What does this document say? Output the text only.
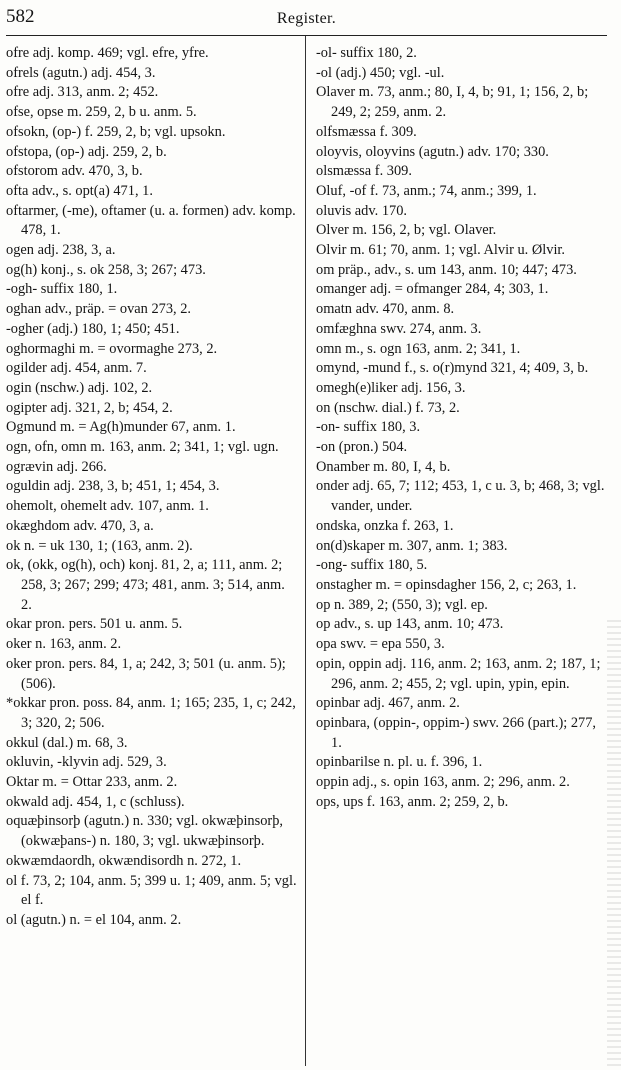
582	Register.
ofre adj. komp. 469; vgl. efre, yfre.
ofrels (agutn.) adj. 454, 3.
ofre adj. 313, anm. 2; 452.
ofse, opse m. 259, 2, b u. anm. 5.
ofsokn, (op-) f. 259, 2, b; vgl. upsokn.
ofstopa, (op-) adj. 259, 2, b.
ofstorom adv. 470, 3, b.
ofta adv., s. opt(a) 471, 1.
oftarmer, (-me), oftamer (u. a. formen) adv. komp. 478, 1.
ogen adj. 238, 3, a.
og(h) konj., s. ok 258, 3; 267; 473.
-ogh- suffix 180, 1.
oghan adv., präp. = ovan 273, 2.
-ogher (adj.) 180, 1; 450; 451.
oghormaghi m. = ovormaghe 273, 2.
ogilder adj. 454, anm. 7.
ogin (nschw.) adj. 102, 2.
ogipter adj. 321, 2, b; 454, 2.
Ogmund m. = Ag(h)munder 67, anm. 1.
ogn, ofn, omn m. 163, anm. 2; 341, 1; vgl. ugn.
ogrævin adj. 266.
oguldin adj. 238, 3, b; 451, 1; 454, 3.
ohemolt, ohemelt adv. 107, anm. 1.
okæghdom adv. 470, 3, a.
ok n. = uk 130, 1; (163, anm. 2).
ok, (okk, og(h), och) konj. 81, 2, a; 111, anm. 2; 258, 3; 267; 299; 473; 481, anm. 3; 514, anm. 2.
okar pron. pers. 501 u. anm. 5.
oker n. 163, anm. 2.
oker pron. pers. 84, 1, a; 242, 3; 501 (u. anm. 5); (506).
*okkar pron. poss. 84, anm. 1; 165; 235, 1, c; 242, 3; 320, 2; 506.
okkul (dal.) m. 68, 3.
okluvin, -klyvin adj. 529, 3.
Oktar m. = Ottar 233, anm. 2.
okwald adj. 454, 1, c (schluss).
oquæþinsorþ (agutn.) n. 330; vgl. okwæþinsorþ, (okwæþans-) n. 180, 3; vgl. ukwæþinsorþ.
okwæmdaordh, okwændisordh n. 272, 1.
ol f. 73, 2; 104, anm. 5; 399 u. 1; 409, anm. 5; vgl. el f.
ol (agutn.) n. = el 104, anm. 2.
-ol- suffix 180, 2.
-ol (adj.) 450; vgl. -ul.
Olaver m. 73, anm.; 80, I, 4, b; 91, 1; 156, 2, b; 249, 2; 259, anm. 2.
olfsmæssa f. 309.
oloyvis, oloyvins (agutn.) adv. 170; 330.
olsmæssa f. 309.
Oluf, -of f. 73, anm.; 74, anm.; 399, 1.
oluvis adv. 170.
Olver m. 156, 2, b; vgl. Olaver.
Olvir m. 61; 70, anm. 1; vgl. Alvir u. Ølvir.
om präp., adv., s. um 143, anm. 10; 447; 473.
omanger adj. = ofmanger 284, 4; 303, 1.
omatn adv. 470, anm. 8.
omfæghna swv. 274, anm. 3.
omn m., s. ogn 163, anm. 2; 341, 1.
omynd, -mund f., s. o(r)mynd 321, 4; 409, 3, b.
omegh(e)liker adj. 156, 3.
on (nschw. dial.) f. 73, 2.
-on- suffix 180, 3.
-on (pron.) 504.
Onamber m. 80, I, 4, b.
onder adj. 65, 7; 112; 453, 1, c u. 3, b; 468, 3; vgl. vander, under.
ondska, onzka f. 263, 1.
on(d)skaper m. 307, anm. 1; 383.
-ong- suffix 180, 5.
onstagher m. = opinsdagher 156, 2, c; 263, 1.
op n. 389, 2; (550, 3); vgl. ep.
op adv., s. up 143, anm. 10; 473.
opa swv. = epa 550, 3.
opin, oppin adj. 116, anm. 2; 163, anm. 2; 187, 1; 296, anm. 2; 455, 2; vgl. upin, ypin, epin.
opinbar adj. 467, anm. 2.
opinbara, (oppin-, oppim-) swv. 266 (part.); 277, 1.
opinbarilse n. pl. u. f. 396, 1.
oppin adj., s. opin 163, anm. 2; 296, anm. 2.
ops, ups f. 163, anm. 2; 259, 2, b.
